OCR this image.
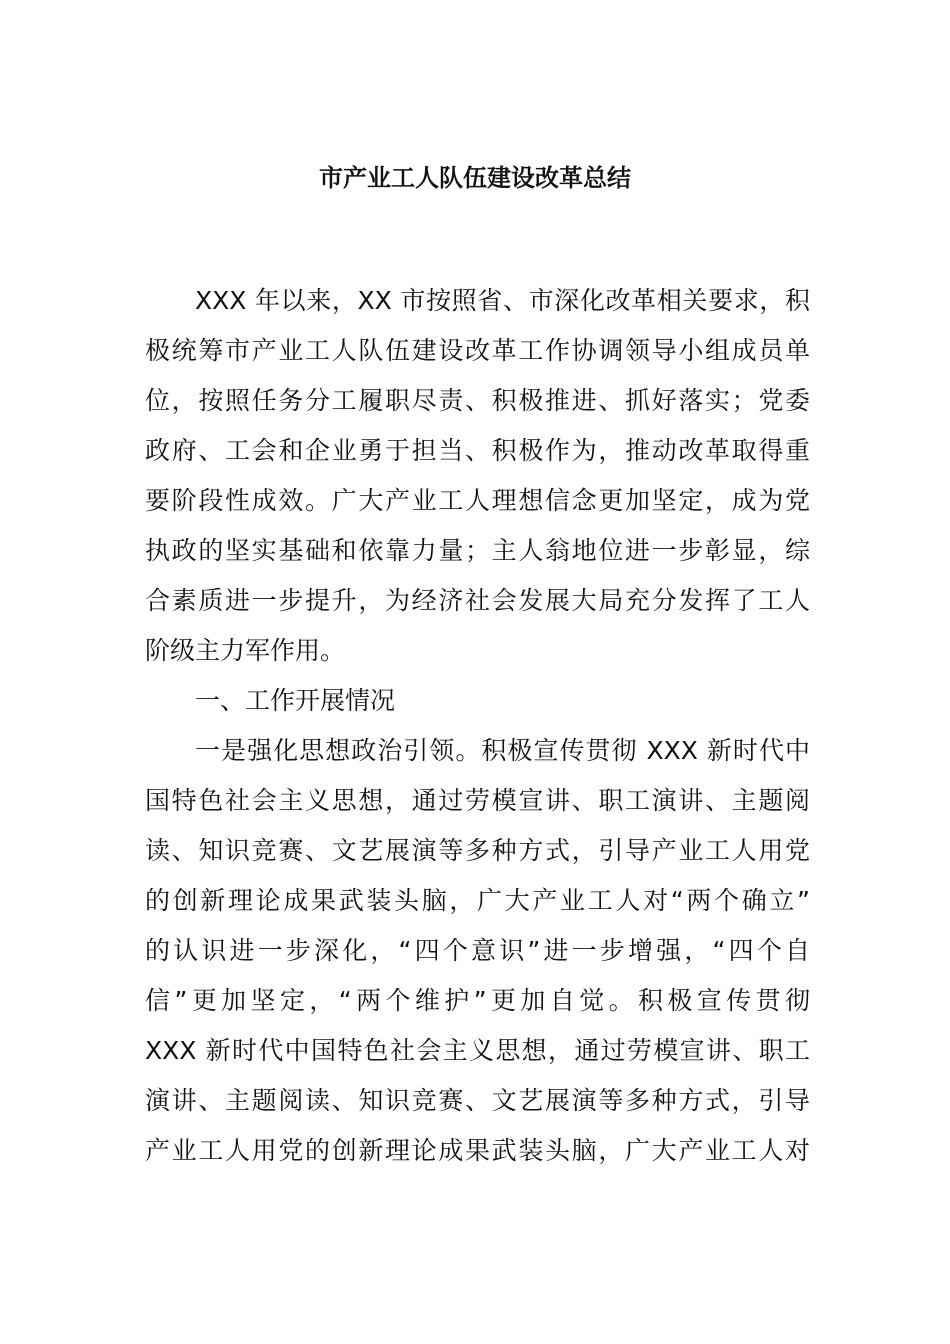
市产业工人队伍建设改革总结
XXX 年以来，XX 市按照省、市深化改革相关要求，积
极统筹市产业工人队伍建设改革工作协调领导小组成员单
位，按照任务分工履职尽责、积极推进、抓好落实；党委
政府、工会和企业勇于担当、积极作为，推动改革取得重
要阶段性成效。广大产业工人理想信念更加坚定，成为党
执政的坚实基础和依靠力量；主人翁地位进一步彰显，综
合素质进一步提升，为经济社会发展大局充分发挥了工人
阶级主力军作用。
一、工作开展情况
一是强化思想政治引领。积极宣传贯彻 XXX 新时代中
国特色社会主义思想，通过劳模宣讲、职工演讲、主题阅
读、知识竞赛、文艺展演等多种方式，引导产业工人用党
的创新理论成果武装头脑，广大产业工人对“两个确立”
的认识进一步深化，“四个意识”进一步增强，“四个自
信”更加坚定，“两个维护”更加自觉。积极宣传贯彻
XXX 新时代中国特色社会主义思想，通过劳模宣讲、职工
演讲、主题阅读、知识竞赛、文艺展演等多种方式，引导
产业工人用党的创新理论成果武装头脑，广大产业工人对
